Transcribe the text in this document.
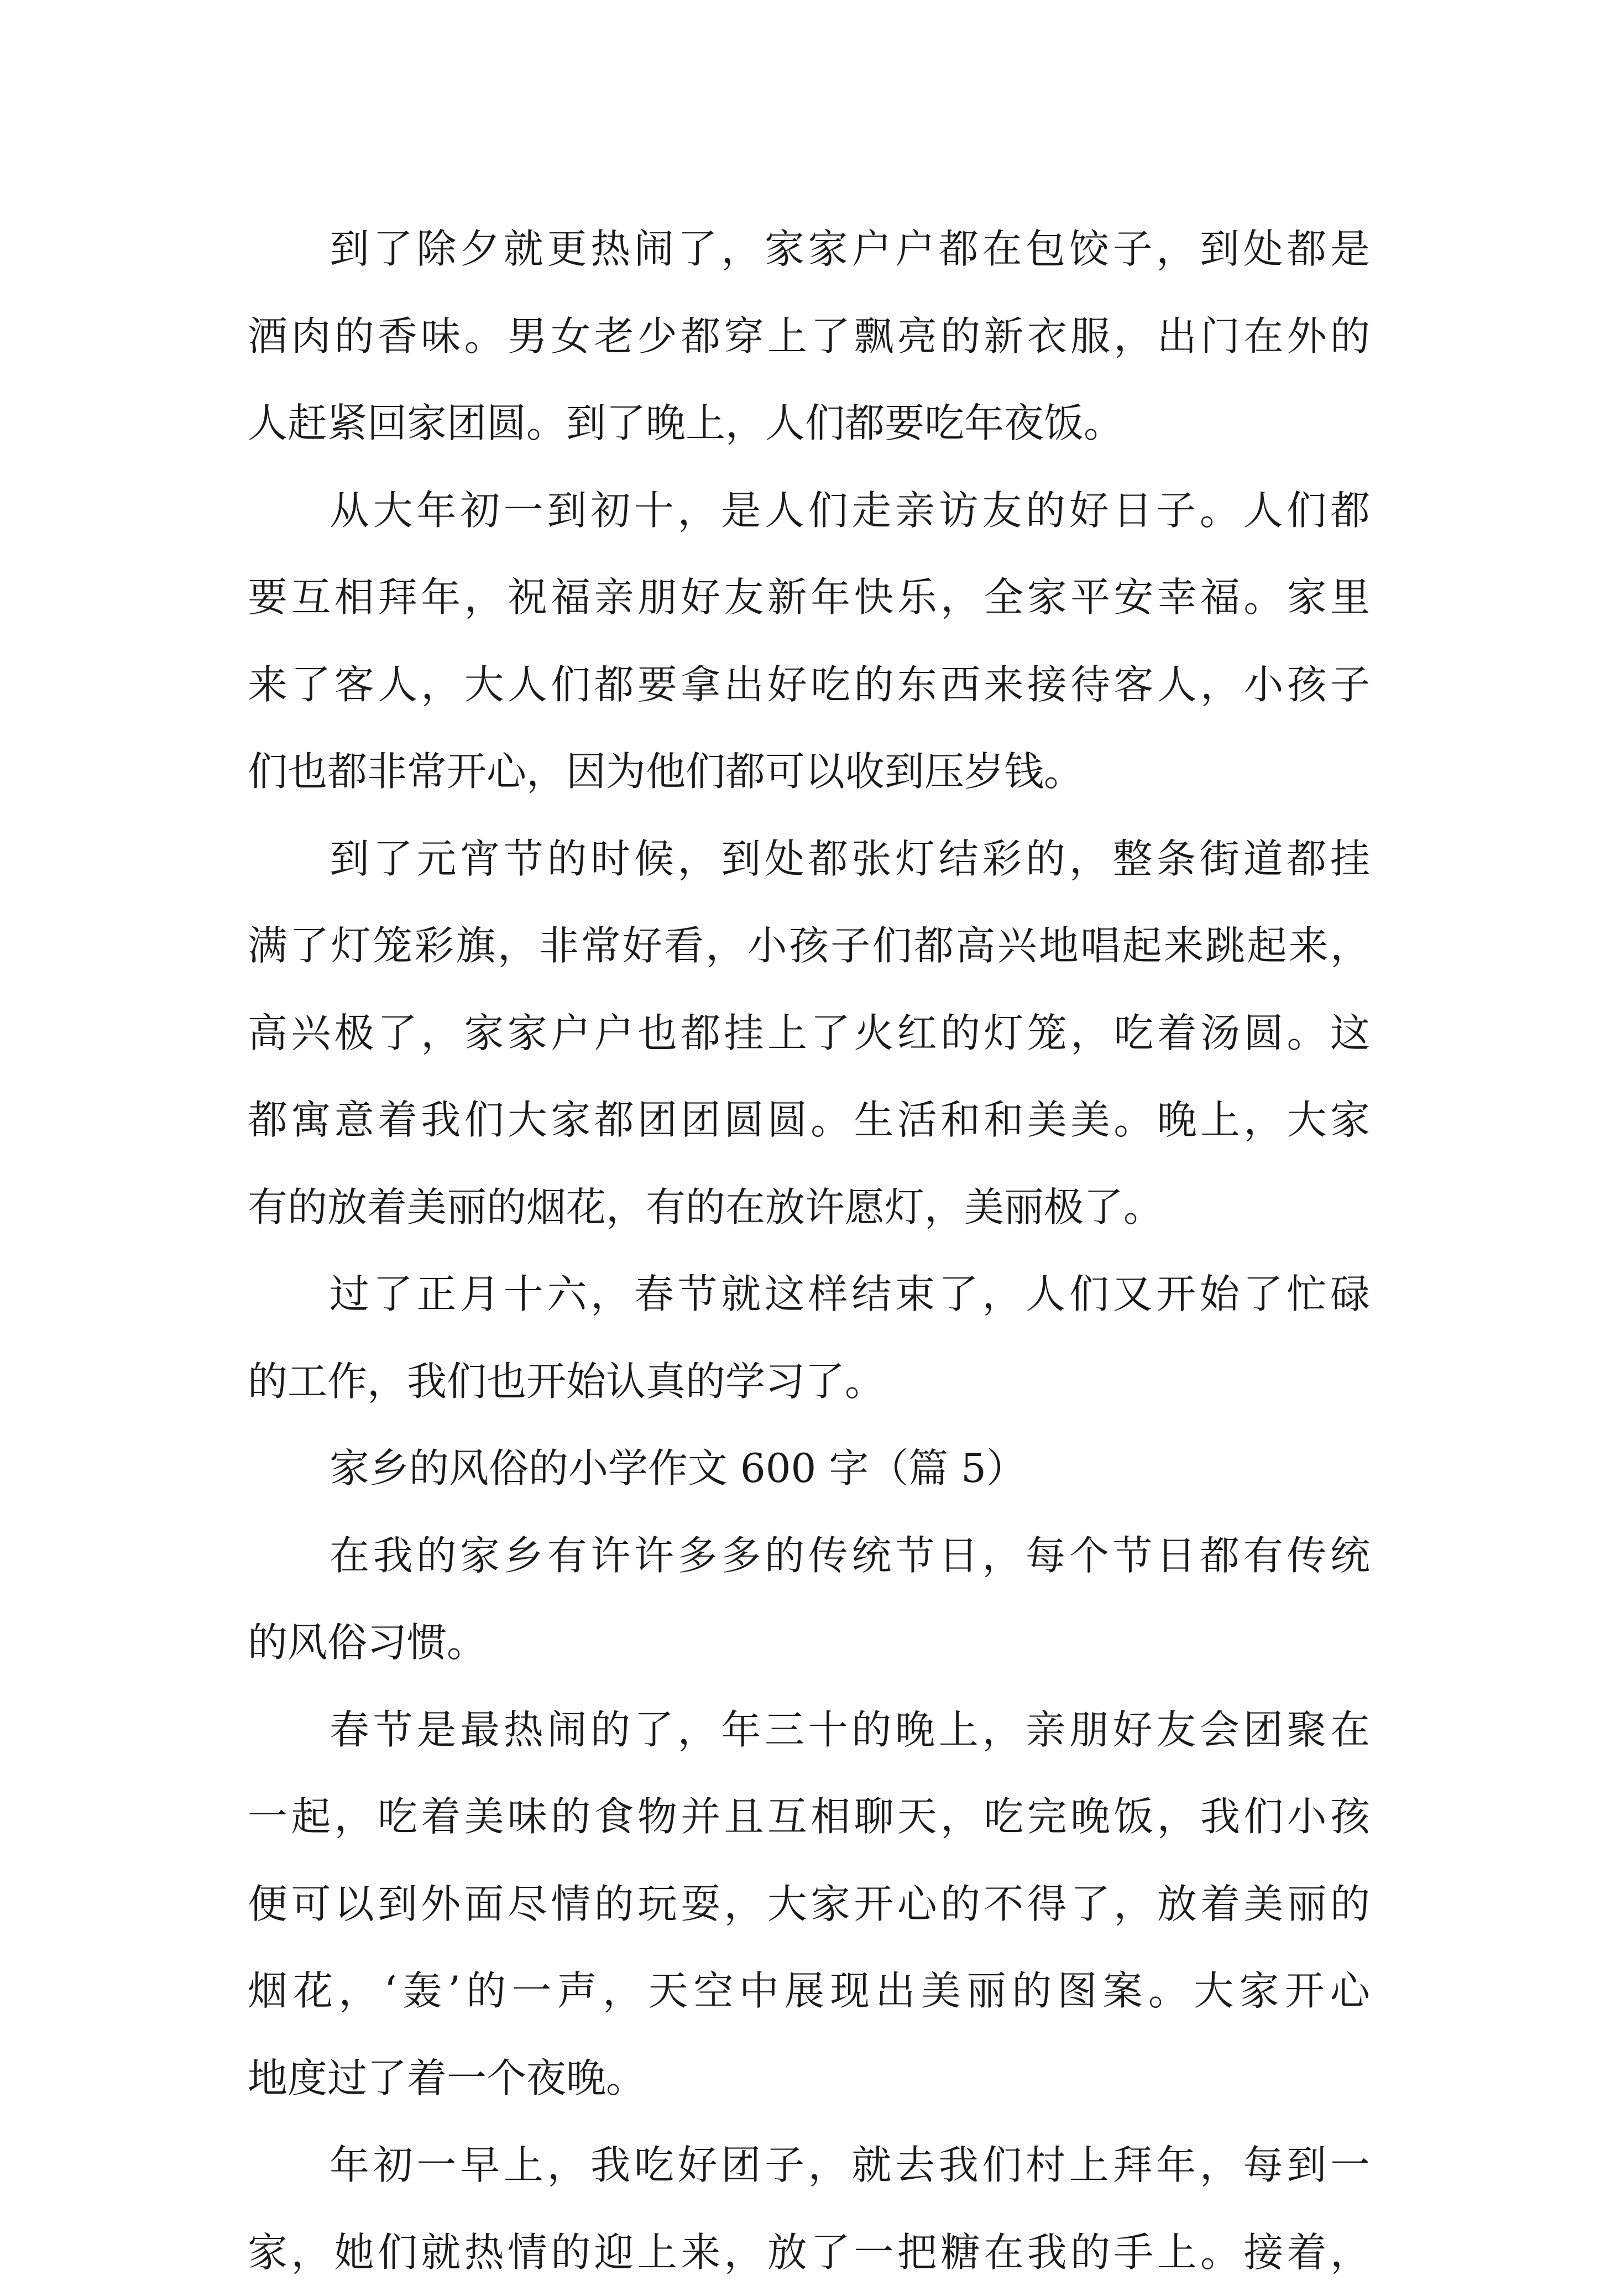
到了除夕就更热闹了，家家户户都在包饺子，到处都是
酒肉的香味。男女老少都穿上了飘亮的新衣服，出门在外的
人赶紧回家团圆。到了晚上，人们都要吃年夜饭。
从大年初一到初十，是人们走亲访友的好日子。人们都
要互相拜年，祝福亲朋好友新年快乐，全家平安幸福。家里
来了客人，大人们都要拿出好吃的东西来接待客人，小孩子
们也都非常开心，因为他们都可以收到压岁钱。
到了元宵节的时候，到处都张灯结彩的，整条街道都挂
满了灯笼彩旗，非常好看，小孩子们都高兴地唱起来跳起来，
高兴极了，家家户户也都挂上了火红的灯笼，吃着汤圆。这
都寓意着我们大家都团团圆圆。生活和和美美。晚上，大家
有的放着美丽的烟花，有的在放许愿灯，美丽极了。
过了正月十六，春节就这样结束了，人们又开始了忙碌
的工作，我们也开始认真的学习了。
家乡的风俗的小学作文 600 字（篇 5）
在我的家乡有许许多多的传统节日，每个节日都有传统
的风俗习惯。
春节是最热闹的了，年三十的晚上，亲朋好友会团聚在
一起，吃着美味的食物并且互相聊天，吃完晚饭，我们小孩
便可以到外面尽情的玩耍，大家开心的不得了，放着美丽的
烟花，‘轰’的一声，天空中展现出美丽的图案。大家开心
地度过了着一个夜晚。
年初一早上，我吃好团子，就去我们村上拜年，每到一
家，她们就热情的迎上来，放了一把糖在我的手上。接着，
